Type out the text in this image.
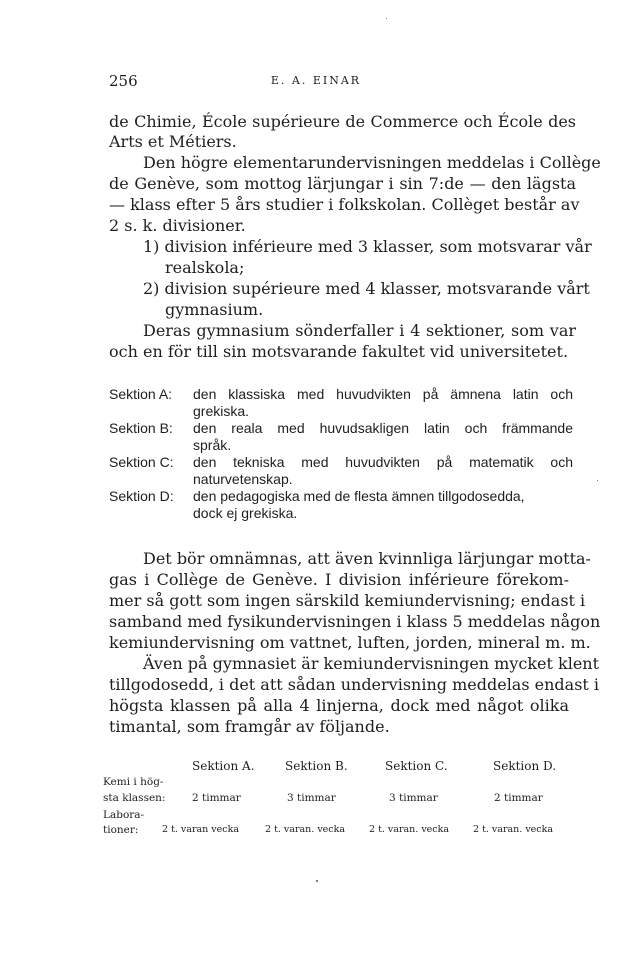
256	E. A. EINAR
de Chimie, École supérieure de Commerce och École des
Arts et Métiers.
Den högre elementarundervisningen meddelas i Collège
de Genève, som mottog lärjungar i sin 7:de — den lägsta
— klass efter 5 års studier i folkskolan. Collèget består av
2 s. k. divisioner.
1) division inférieure med 3 klasser, som motsvarar vår
realskola;
2) division supérieure med 4 klasser, motsvarande vårt
gymnasium.
Deras gymnasium sönderfaller i 4 sektioner, som var
och en för till sin motsvarande fakultet vid universitetet.
Sektion A: den klassiska med huvudvikten på ämnena latin och
grekiska.
Sektion B: den reala med huvudsakligen latin och främmande
språk.
Sektion C: den tekniska med huvudvikten på matematik och
naturvetenskap.
Sektion D: den pedagogiska med de flesta ämnen tillgodosedda,
dock ej grekiska.
Det bör omnämnas, att även kvinnliga lärjungar motta-
gas i Collège de Genève. I division inférieure förekom-
mer så gott som ingen särskild kemiundervisning; endast i
samband med fysikundervisningen i klass 5 meddelas någon
kemiundervisning om vattnet, luften, jorden, mineral m. m.
Även på gymnasiet är kemiundervisningen mycket klent
tillgodosedd, i det att sådan undervisning meddelas endast i
högsta klassen på alla 4 linjerna, dock med något olika
timantal, som framgår av följande.
Sektion A.	Sektion B.	Sektion C.	Sektion D.
Kemi i hög-
sta klassen:	2 timmar	3 timmar	3 timmar	2 timmar
Labora-
tioner: 2 t. varan vecka	2 t. varan. vecka	2 t. varan. vecka	2 t. varan. vecka
